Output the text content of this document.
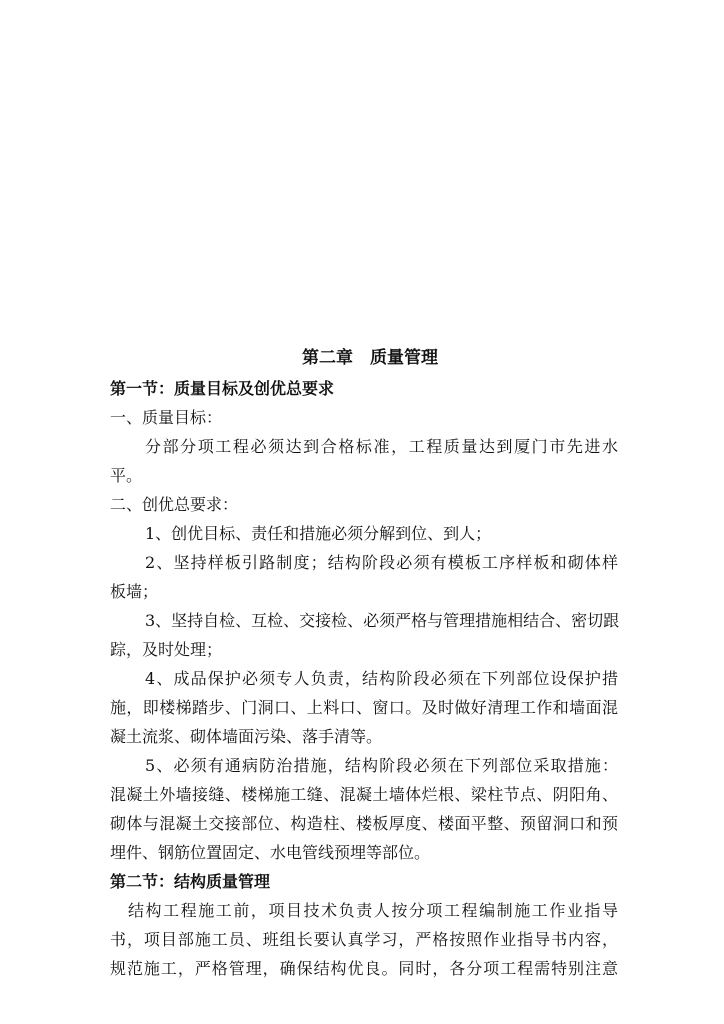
第二章　质量管理
第一节：质量目标及创优总要求
一、质量目标：
分部分项工程必须达到合格标准，工程质量达到厦门市先进水
平。
二、创优总要求：
1、创优目标、责任和措施必须分解到位、到人；
2、坚持样板引路制度；结构阶段必须有模板工序样板和砌体样
板墙；
3、坚持自检、互检、交接检、必须严格与管理措施相结合、密切跟
踪，及时处理；
4、成品保护必须专人负责，结构阶段必须在下列部位设保护措
施，即楼梯踏步、门洞口、上料口、窗口。及时做好清理工作和墙面混
凝土流浆、砌体墙面污染、落手清等。
5、必须有通病防治措施，结构阶段必须在下列部位采取措施：
混凝土外墙接缝、楼梯施工缝、混凝土墙体烂根、梁柱节点、阴阳角、
砌体与混凝土交接部位、构造柱、楼板厚度、楼面平整、预留洞口和预
埋件、钢筋位置固定、水电管线预埋等部位。
第二节：结构质量管理
结构工程施工前，项目技术负责人按分项工程编制施工作业指导
书，项目部施工员、班组长要认真学习，严格按照作业指导书内容，
规范施工，严格管理，确保结构优良。同时，各分项工程需特别注意
